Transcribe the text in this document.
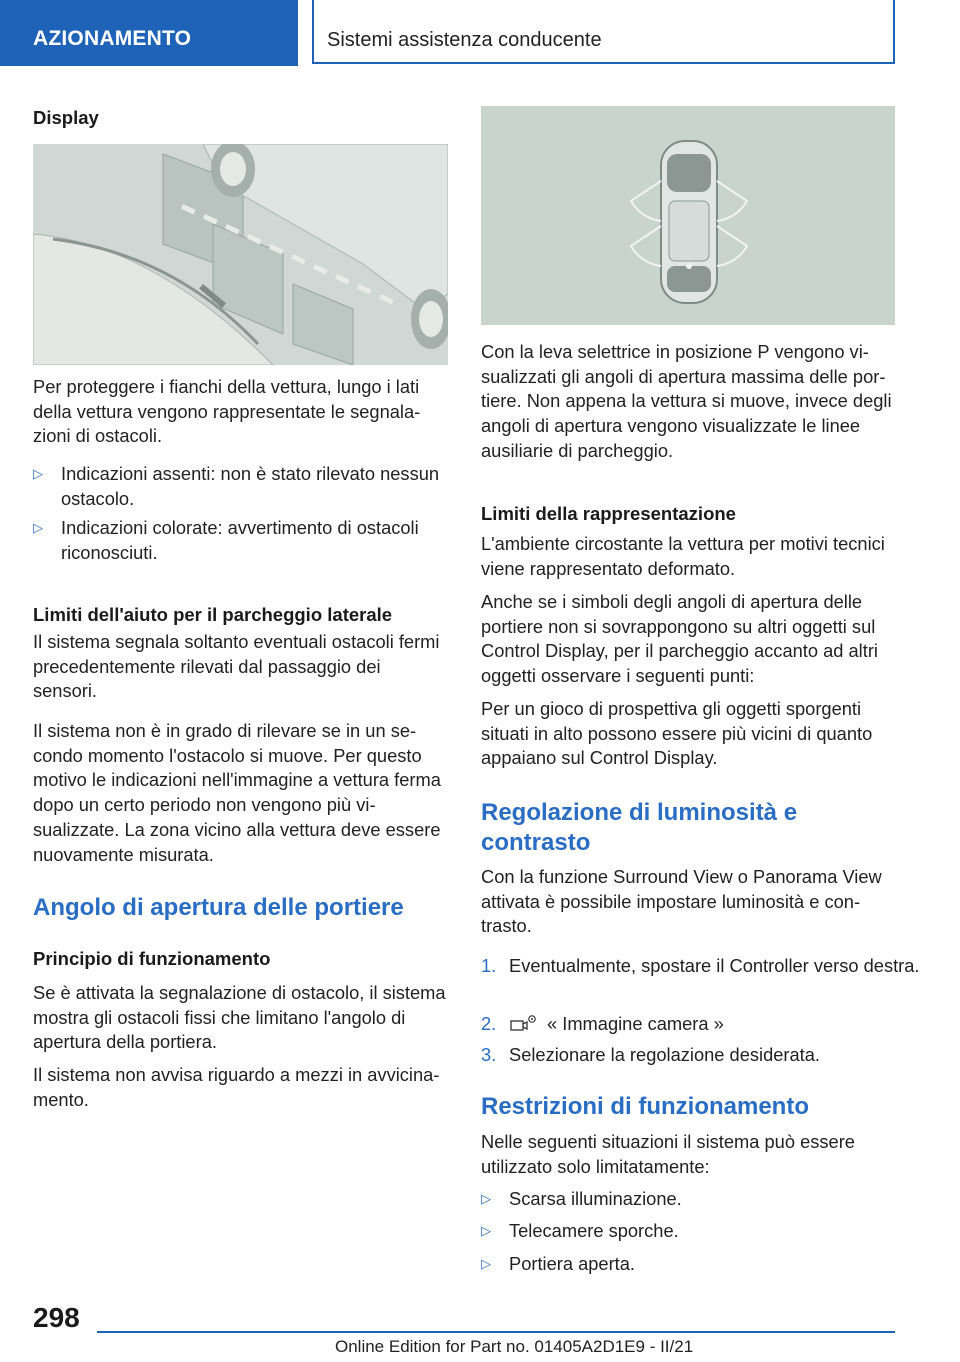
AZIONAMENTO	Sistemi assistenza conducente
Display

Per proteggere i fianchi della vettura, lungo i lati della vettura vengono rappresentate le segnalazioni di ostacoli.

▷ Indicazioni assenti: non è stato rilevato nessun ostacolo.
▷ Indicazioni colorate: avvertimento di ostacoli riconosciuti.
Limiti dell'aiuto per il parcheggio laterale

Il sistema segnala soltanto eventuali ostacoli fermi precedentemente rilevati dal passaggio dei sensori.

Il sistema non è in grado di rilevare se in un secondo momento l'ostacolo si muove. Per questo motivo le indicazioni nell'immagine a vettura ferma dopo un certo periodo non vengono più visualizzate. La zona vicino alla vettura deve essere nuovamente misurata.

Angolo di apertura delle portiere
Principio di funzionamento

Se è attivata la segnalazione di ostacolo, il sistema mostra gli ostacoli fissi che limitano l'angolo di apertura della portiera.

Il sistema non avvisa riguardo a mezzi in avvicinamento.

Con la leva selettrice in posizione P vengono visualizzati gli angoli di apertura massima delle portiere. Non appena la vettura si muove, invece degli angoli di apertura vengono visualizzate le linee ausiliarie di parcheggio.

Limiti della rappresentazione

L'ambiente circostante la vettura per motivi tecnici viene rappresentato deformato.

Anche se i simboli degli angoli di apertura delle portiere non si sovrappongono su altri oggetti sul Control Display, per il parcheggio accanto ad altri oggetti osservare i seguenti punti:

Per un gioco di prospettiva gli oggetti sporgenti situati in alto possono essere più vicini di quanto appaiano sul Control Display.

Regolazione di luminosità e
contrasto

Con la funzione Surround View o Panorama View attivata è possibile impostare luminosità e contrasto.

1. Eventualmente, spostare il Controller verso destra.
2.	« Immagine camera »
3. Selezionare la regolazione desiderata.
Restrizioni di funzionamento

Nelle seguenti situazioni il sistema può essere utilizzato solo limitatamente:

▷ Scarsa illuminazione.
▷ Telecamere sporche.
▷ Portiera aperta.
298
Online Edition for Part no. 01405A2D1E9 - II/21
